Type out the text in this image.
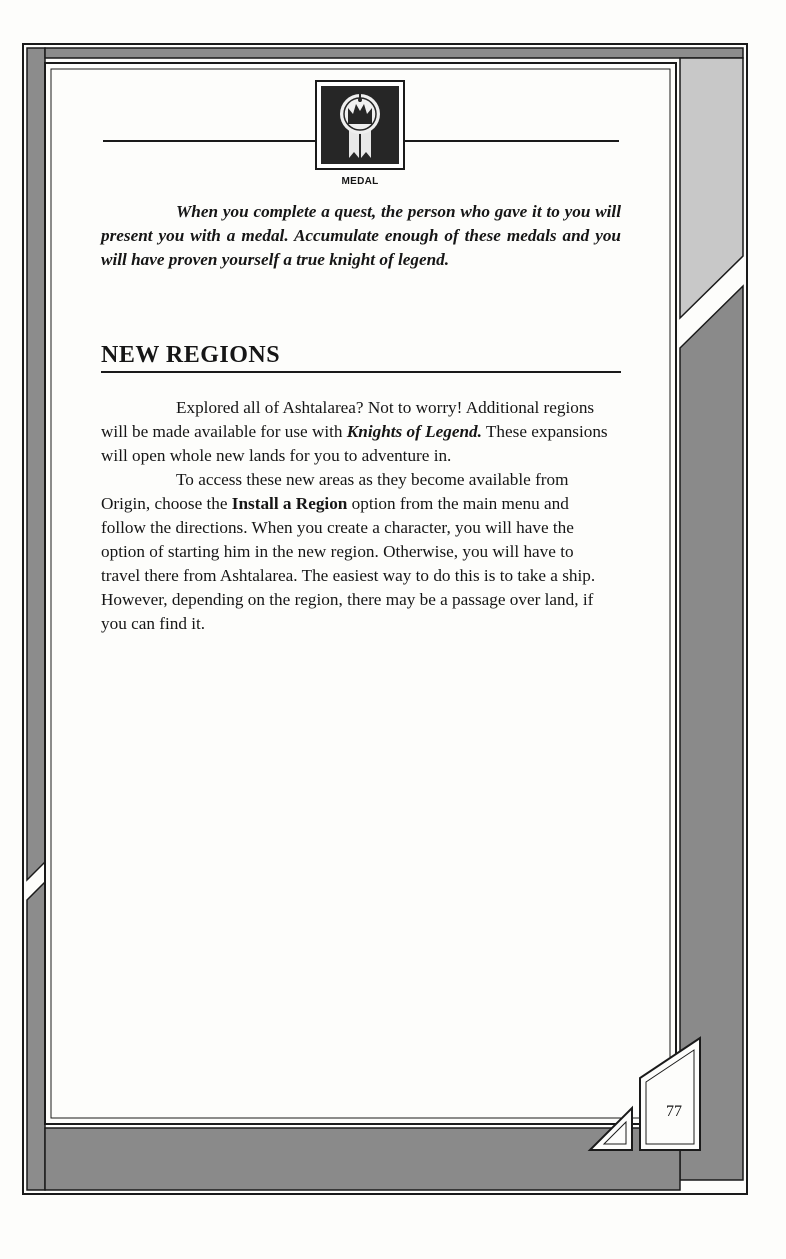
MEDAL

When you complete a quest, the person who gave it to you will present you with a medal. Accumulate enough of these medals and you will have proven yourself a true knight of legend.

NEW REGIONS

Explored all of Ashtalarea? Not to worry! Additional regions will be made available for use with Knights of Legend. These expansions will open whole new lands for you to adventure in.

To access these new areas as they become available from Origin, choose the Install a Region option from the main menu and follow the directions. When you create a character, you will have the option of starting him in the new region. Otherwise, you will have to travel there from Ashtalarea. The easiest way to do this is to take a ship. However, depending on the region, there may be a passage over land, if you can find it.

77
